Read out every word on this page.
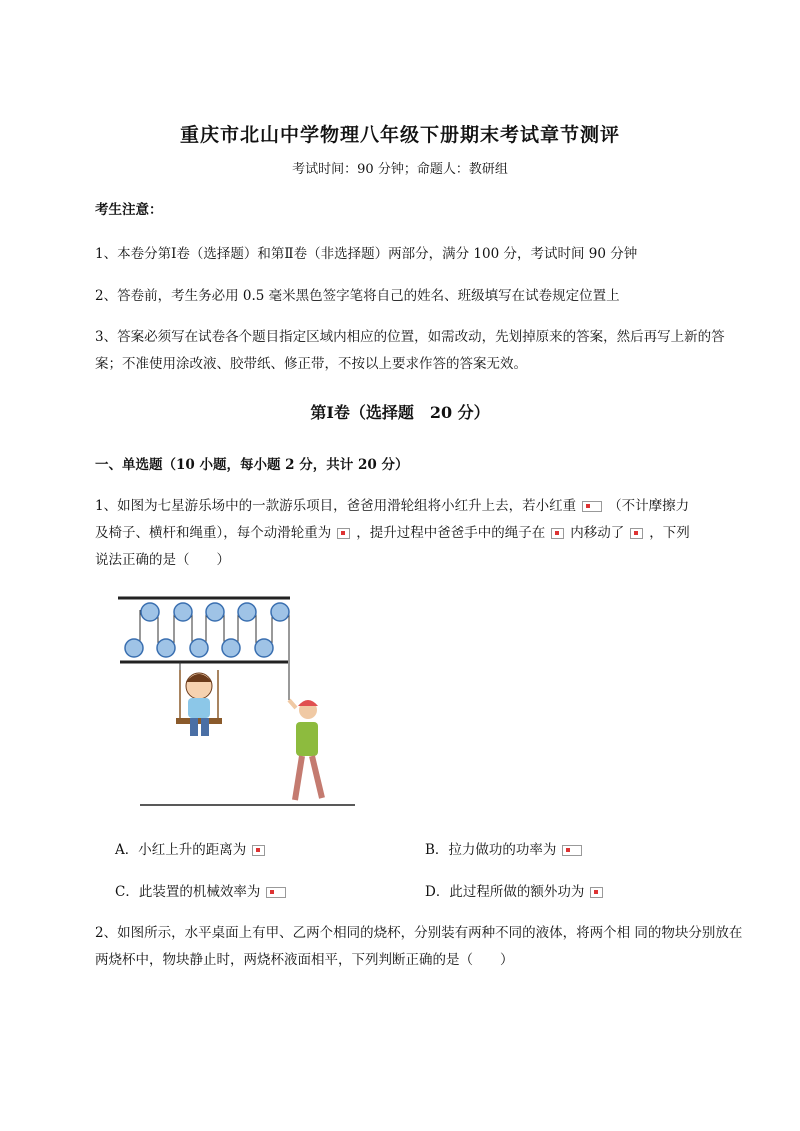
重庆市北山中学物理八年级下册期末考试章节测评
考试时间：90 分钟；命题人：教研组
考生注意：
1、本卷分第I卷（选择题）和第Ⅱ卷（非选择题）两部分，满分 100 分，考试时间 90 分钟
2、答卷前，考生务必用 0.5 毫米黑色签字笔将自己的姓名、班级填写在试卷规定位置上
3、答案必须写在试卷各个题目指定区域内相应的位置，如需改动，先划掉原来的答案，然后再写上新的答案；不准使用涂改液、胶带纸、修正带，不按以上要求作答的答案无效。
第I卷（选择题　20 分）
一、单选题（10 小题，每小题 2 分，共计 20 分）
1、如图为七星游乐场中的一款游乐项目，爸爸用滑轮组将小红升上去，若小红重 （不计摩擦力
及椅子、横杆和绳重），每个动滑轮重为 ，提升过程中爸爸手中的绳子在 内移动了 ，下列
说法正确的是（　　）
A．小红上升的距离为	B．拉力做功的功率为
C．此装置的机械效率为	D．此过程所做的额外功为
2、如图所示，水平桌面上有甲、乙两个相同的烧杯，分别装有两种不同的液体，将两个相 同的物块分别放在两烧杯中，物块静止时，两烧杯液面相平，下列判断正确的是（　　）
